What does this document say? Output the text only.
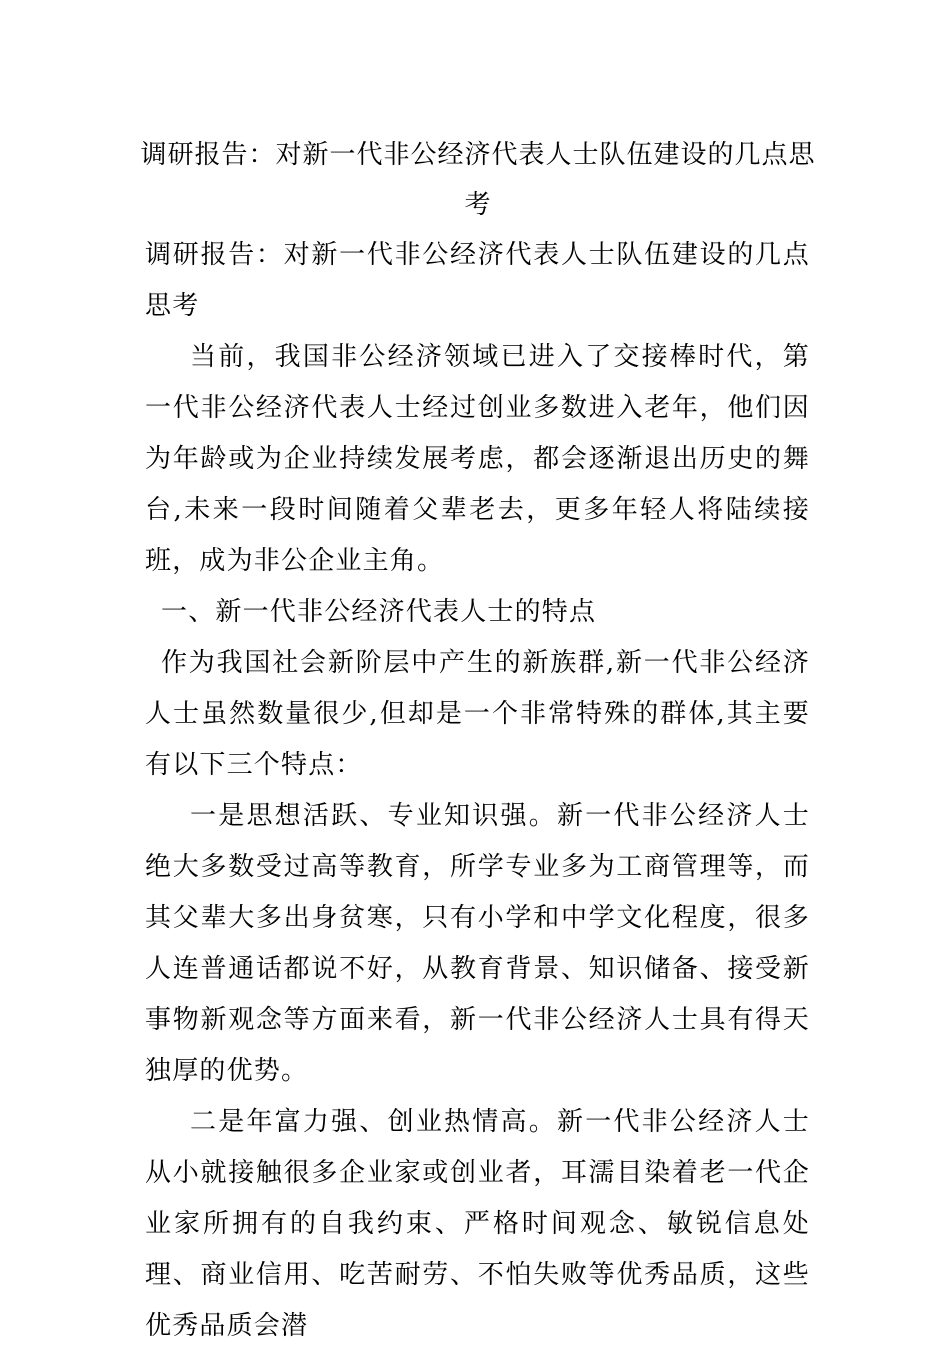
调研报告：对新一代非公经济代表人士队伍建设的几点思考

调研报告：对新一代非公经济代表人士队伍建设的几点思考

当前，我国非公经济领域已进入了交接棒时代，第一代非公经济代表人士经过创业多数进入老年，他们因为年龄或为企业持续发展考虑，都会逐渐退出历史的舞台,未来一段时间随着父辈老去，更多年轻人将陆续接班，成为非公企业主角。

一、新一代非公经济代表人士的特点

作为我国社会新阶层中产生的新族群,新一代非公经济人士虽然数量很少,但却是一个非常特殊的群体,其主要有以下三个特点：

一是思想活跃、专业知识强。新一代非公经济人士绝大多数受过高等教育，所学专业多为工商管理等，而其父辈大多出身贫寒，只有小学和中学文化程度，很多人连普通话都说不好，从教育背景、知识储备、接受新事物新观念等方面来看，新一代非公经济人士具有得天独厚的优势。

二是年富力强、创业热情高。新一代非公经济人士从小就接触很多企业家或创业者，耳濡目染着老一代企业家所拥有的自我约束、严格时间观念、敏锐信息处理、商业信用、吃苦耐劳、不怕失败等优秀品质，这些优秀品质会潜
